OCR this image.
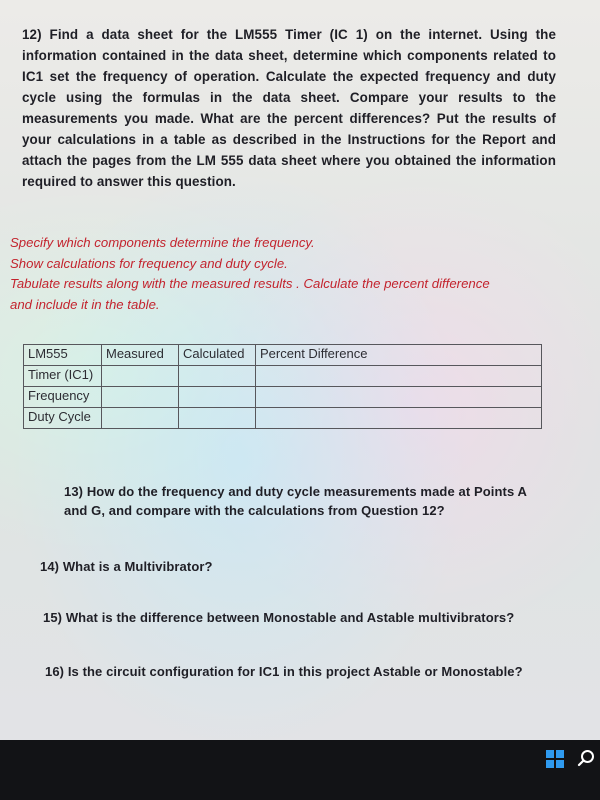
12) Find a data sheet for the LM555 Timer (IC 1) on the internet. Using the information contained in the data sheet, determine which components related to IC1 set the frequency of operation. Calculate the expected frequency and duty cycle using the formulas in the data sheet. Compare your results to the measurements you made. What are the percent differences? Put the results of your calculations in a table as described in the Instructions for the Report and attach the pages from the LM 555 data sheet where you obtained the information required to answer this question.
Specify which components determine the frequency.
Show calculations for frequency and duty cycle.
Tabulate results along with the measured results . Calculate the percent difference
and include it in the table.
LM555	Measured	Calculated	Percent Difference
Timer (IC1)			
Frequency			
Duty Cycle			
13) How do the frequency and duty cycle measurements made at Points A and G, and compare with the calculations from Question 12?
14) What is a Multivibrator?
15) What is the difference between Monostable and Astable multivibrators?
16) Is the circuit configuration for IC1 in this project Astable or Monostable?
